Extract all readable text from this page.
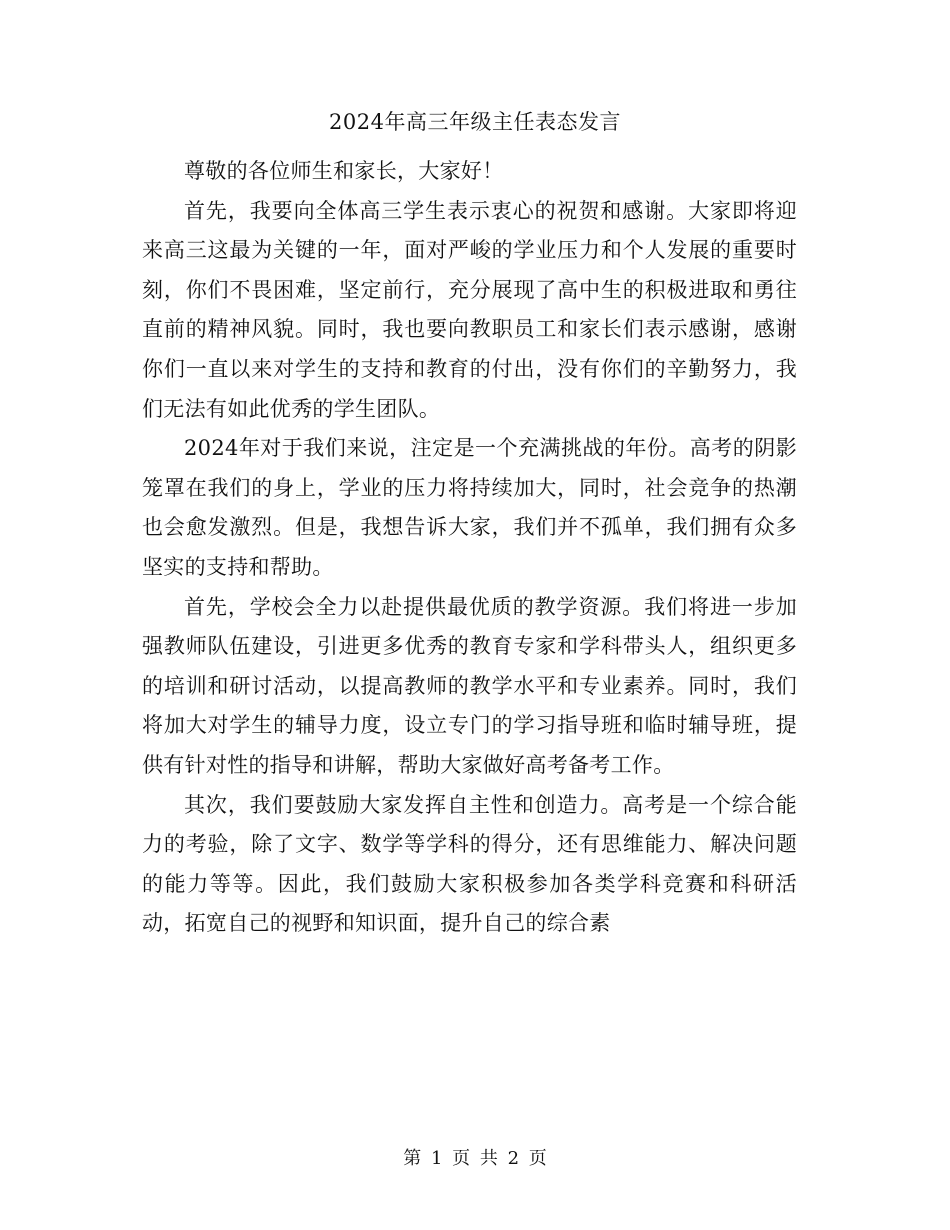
2024年高三年级主任表态发言

尊敬的各位师生和家长，大家好！

首先，我要向全体高三学生表示衷心的祝贺和感谢。大家即将迎来高三这最为关键的一年，面对严峻的学业压力和个人发展的重要时刻，你们不畏困难，坚定前行，充分展现了高中生的积极进取和勇往直前的精神风貌。同时，我也要向教职员工和家长们表示感谢，感谢你们一直以来对学生的支持和教育的付出，没有你们的辛勤努力，我们无法有如此优秀的学生团队。

2024年对于我们来说，注定是一个充满挑战的年份。高考的阴影笼罩在我们的身上，学业的压力将持续加大，同时，社会竞争的热潮也会愈发激烈。但是，我想告诉大家，我们并不孤单，我们拥有众多坚实的支持和帮助。

首先，学校会全力以赴提供最优质的教学资源。我们将进一步加强教师队伍建设，引进更多优秀的教育专家和学科带头人，组织更多的培训和研讨活动，以提高教师的教学水平和专业素养。同时，我们将加大对学生的辅导力度，设立专门的学习指导班和临时辅导班，提供有针对性的指导和讲解，帮助大家做好高考备考工作。

其次，我们要鼓励大家发挥自主性和创造力。高考是一个综合能力的考验，除了文字、数学等学科的得分，还有思维能力、解决问题的能力等等。因此，我们鼓励大家积极参加各类学科竞赛和科研活动，拓宽自己的视野和知识面，提升自己的综合素

第 1 页 共 2 页
